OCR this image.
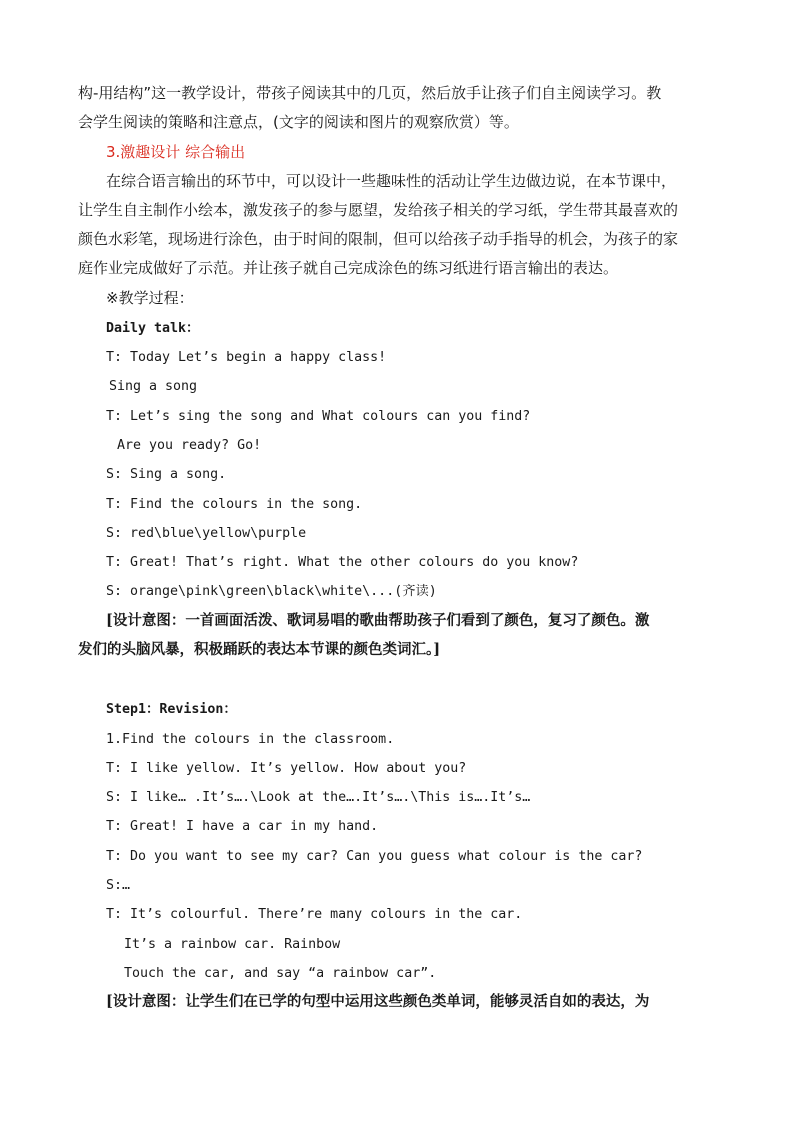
构-用结构”这一教学设计，带孩子阅读其中的几页，然后放手让孩子们自主阅读学习。教
会学生阅读的策略和注意点，(文字的阅读和图片的观察欣赏）等。
3.激趣设计 综合输出
在综合语言输出的环节中，可以设计一些趣味性的活动让学生边做边说，在本节课中，
让学生自主制作小绘本，激发孩子的参与愿望，发给孩子相关的学习纸，学生带其最喜欢的
颜色水彩笔，现场进行涂色，由于时间的限制，但可以给孩子动手指导的机会，为孩子的家
庭作业完成做好了示范。并让孩子就自己完成涂色的练习纸进行语言输出的表达。
※教学过程：
Daily talk：
T: Today Let’s begin a happy class!
Sing a song
T: Let’s sing the song and What colours can you find?
Are you ready? Go!
S: Sing a song.
T: Find the colours in the song.
S: red\blue\yellow\purple
T: Great! That’s right. What the other colours do you know?
S: orange\pink\green\black\white\...(齐读)
[设计意图：一首画面活泼、歌词易唱的歌曲帮助孩子们看到了颜色，复习了颜色。激
发们的头脑风暴，积极踊跃的表达本节课的颜色类词汇。]
Step1：Revision：
1.Find the colours in the classroom.
T: I like yellow. It’s yellow. How about you?
S: I like… .It’s….\Look at the….It’s….\This is….It’s…
T: Great! I have a car in my hand.
T: Do you want to see my car? Can you guess what colour is the car?
S:…
T: It’s colourful. There’re many colours in the car.
It’s a rainbow car. Rainbow
Touch the car, and say “a rainbow car”.
[设计意图：让学生们在已学的句型中运用这些颜色类单词，能够灵活自如的表达，为
